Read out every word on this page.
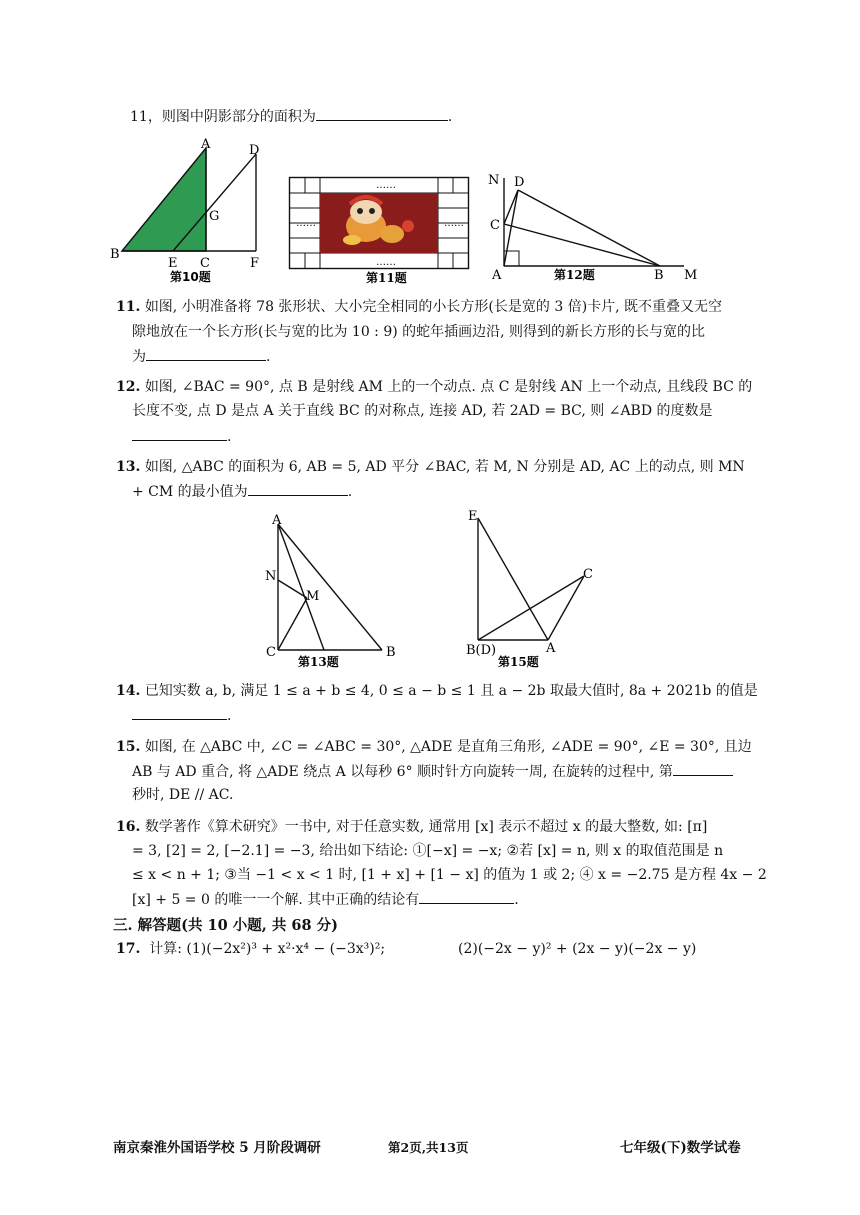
11，则图中阴影部分的面积为	.
A	D
G
B
E C	F
第10题
……
……	……
……
第11题
N D
C
A	B M
第12题
11. 如图, 小明准备将 78 张形状、大小完全相同的小长方形(长是宽的 3 倍)卡片, 既不重叠又无空
隙地放在一个长方形(长与宽的比为 10 : 9) 的蛇年插画边沿, 则得到的新长方形的长与宽的比
为	.
12. 如图, ∠BAC = 90°, 点 B 是射线 AM 上的一个动点. 点 C 是射线 AN 上一个动点, 且线段 BC 的
长度不变, 点 D 是点 A 关于直线 BC 的对称点, 连接 AD, 若 2AD = BC, 则 ∠ABD 的度数是
.
13. 如图, △ABC 的面积为 6, AB = 5, AD 平分 ∠BAC, 若 M, N 分别是 AD, AC 上的动点, 则 MN
+ CM 的最小值为	.
A
N
M
C	B
第13题
E
C
B(D)	A
第15题
14. 已知实数 a, b, 满足 1 ≤ a + b ≤ 4, 0 ≤ a − b ≤ 1 且 a − 2b 取最大值时, 8a + 2021b 的值是
.
15. 如图, 在 △ABC 中, ∠C = ∠ABC = 30°, △ADE 是直角三角形, ∠ADE = 90°, ∠E = 30°, 且边
AB 与 AD 重合, 将 △ADE 绕点 A 以每秒 6° 顺时针方向旋转一周, 在旋转的过程中, 第
秒时, DE // AC.
16. 数学著作《算术研究》一书中, 对于任意实数, 通常用 [x] 表示不超过 x 的最大整数, 如: [π]
= 3, [2] = 2, [−2.1] = −3, 给出如下结论: ①[−x] = −x; ②若 [x] = n, 则 x 的取值范围是 n
≤ x < n + 1; ③当 −1 < x < 1 时, [1 + x] + [1 − x] 的值为 1 或 2; ④ x = −2.75 是方程 4x − 2
[x] + 5 = 0 的唯一一个解. 其中正确的结论有	.
三. 解答题(共 10 小题, 共 68 分)
17. 计算: (1)(−2x²)³ + x²·x⁴ − (−3x³)²;	(2)(−2x − y)² + (2x − y)(−2x − y)
南京秦淮外国语学校 5 月阶段调研	第2页,共13页	七年级(下)数学试卷
